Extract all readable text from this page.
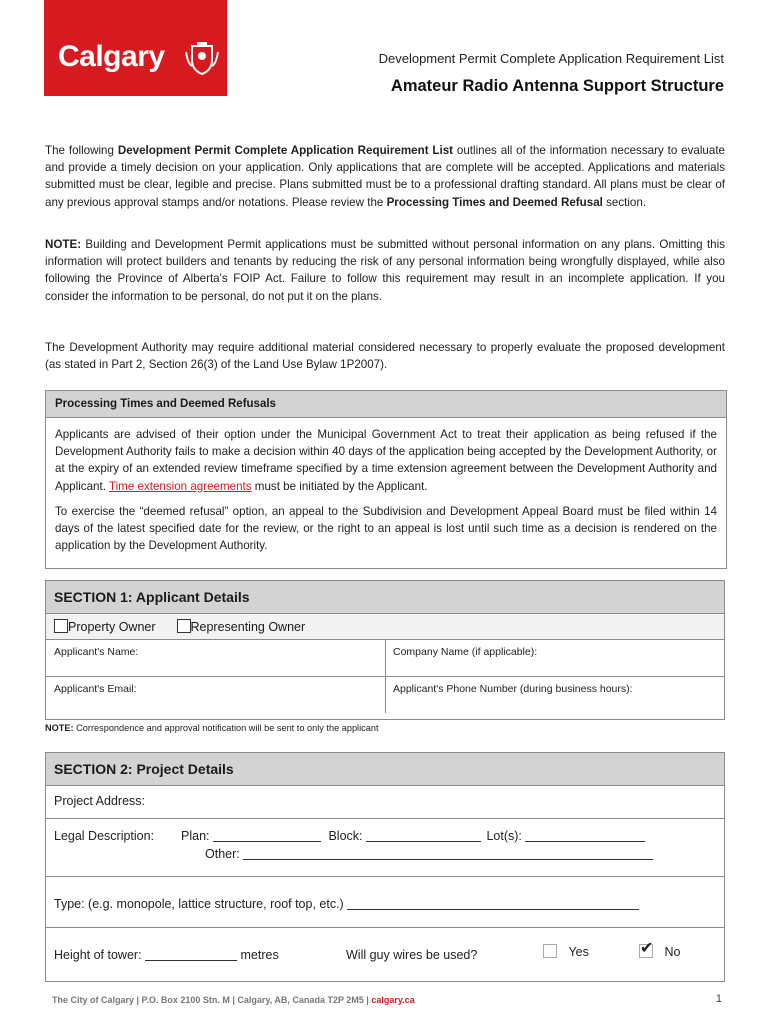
Calgary	Development Permit Complete Application Requirement List
Amateur Radio Antenna Support Structure
The following Development Permit Complete Application Requirement List outlines all of the information necessary to evaluate and provide a timely decision on your application. Only applications that are complete will be accepted. Applications and materials submitted must be clear, legible and precise. Plans submitted must be to a professional drafting standard. All plans must be clear of any previous approval stamps and/or notations. Please review the Processing Times and Deemed Refusal section.
NOTE: Building and Development Permit applications must be submitted without personal information on any plans. Omitting this information will protect builders and tenants by reducing the risk of any personal information being wrongfully displayed, while also following the Province of Alberta's FOIP Act. Failure to follow this requirement may result in an incomplete application. If you consider the information to be personal, do not put it on the plans.
The Development Authority may require additional material considered necessary to properly evaluate the proposed development (as stated in Part 2, Section 26(3) of the Land Use Bylaw 1P2007).
Processing Times and Deemed Refusals

Applicants are advised of their option under the Municipal Government Act to treat their application as being refused if the Development Authority fails to make a decision within 40 days of the application being accepted by the Development Authority, or at the expiry of an extended review timeframe specified by a time extension agreement between the Development Authority and Applicant. Time extension agreements must be initiated by the Applicant.

To exercise the “deemed refusal” option, an appeal to the Subdivision and Development Appeal Board must be filed within 14 days of the latest specified date for the review, or the right to an appeal is lost until such time as a decision is rendered on the application by the Development Authority.

SECTION 1: Applicant Details
Property Owner	Representing Owner
Applicant's Name:	Company Name (if applicable):
Applicant's Email:	Applicant's Phone Number (during business hours):
NOTE: Correspondence and approval notification will be sent to only the applicant
SECTION 2: Project Details
Project Address:
Legal Description: Plan:	Block:	Lot(s):
Other:
Type: (e.g. monopole, lattice structure, roof top, etc.)
Height of tower:	metres	Will guy wires be used?	Yes	✔ No
The City of Calgary | P.O. Box 2100 Stn. M | Calgary, AB, Canada T2P 2M5 | calgary.ca	1
